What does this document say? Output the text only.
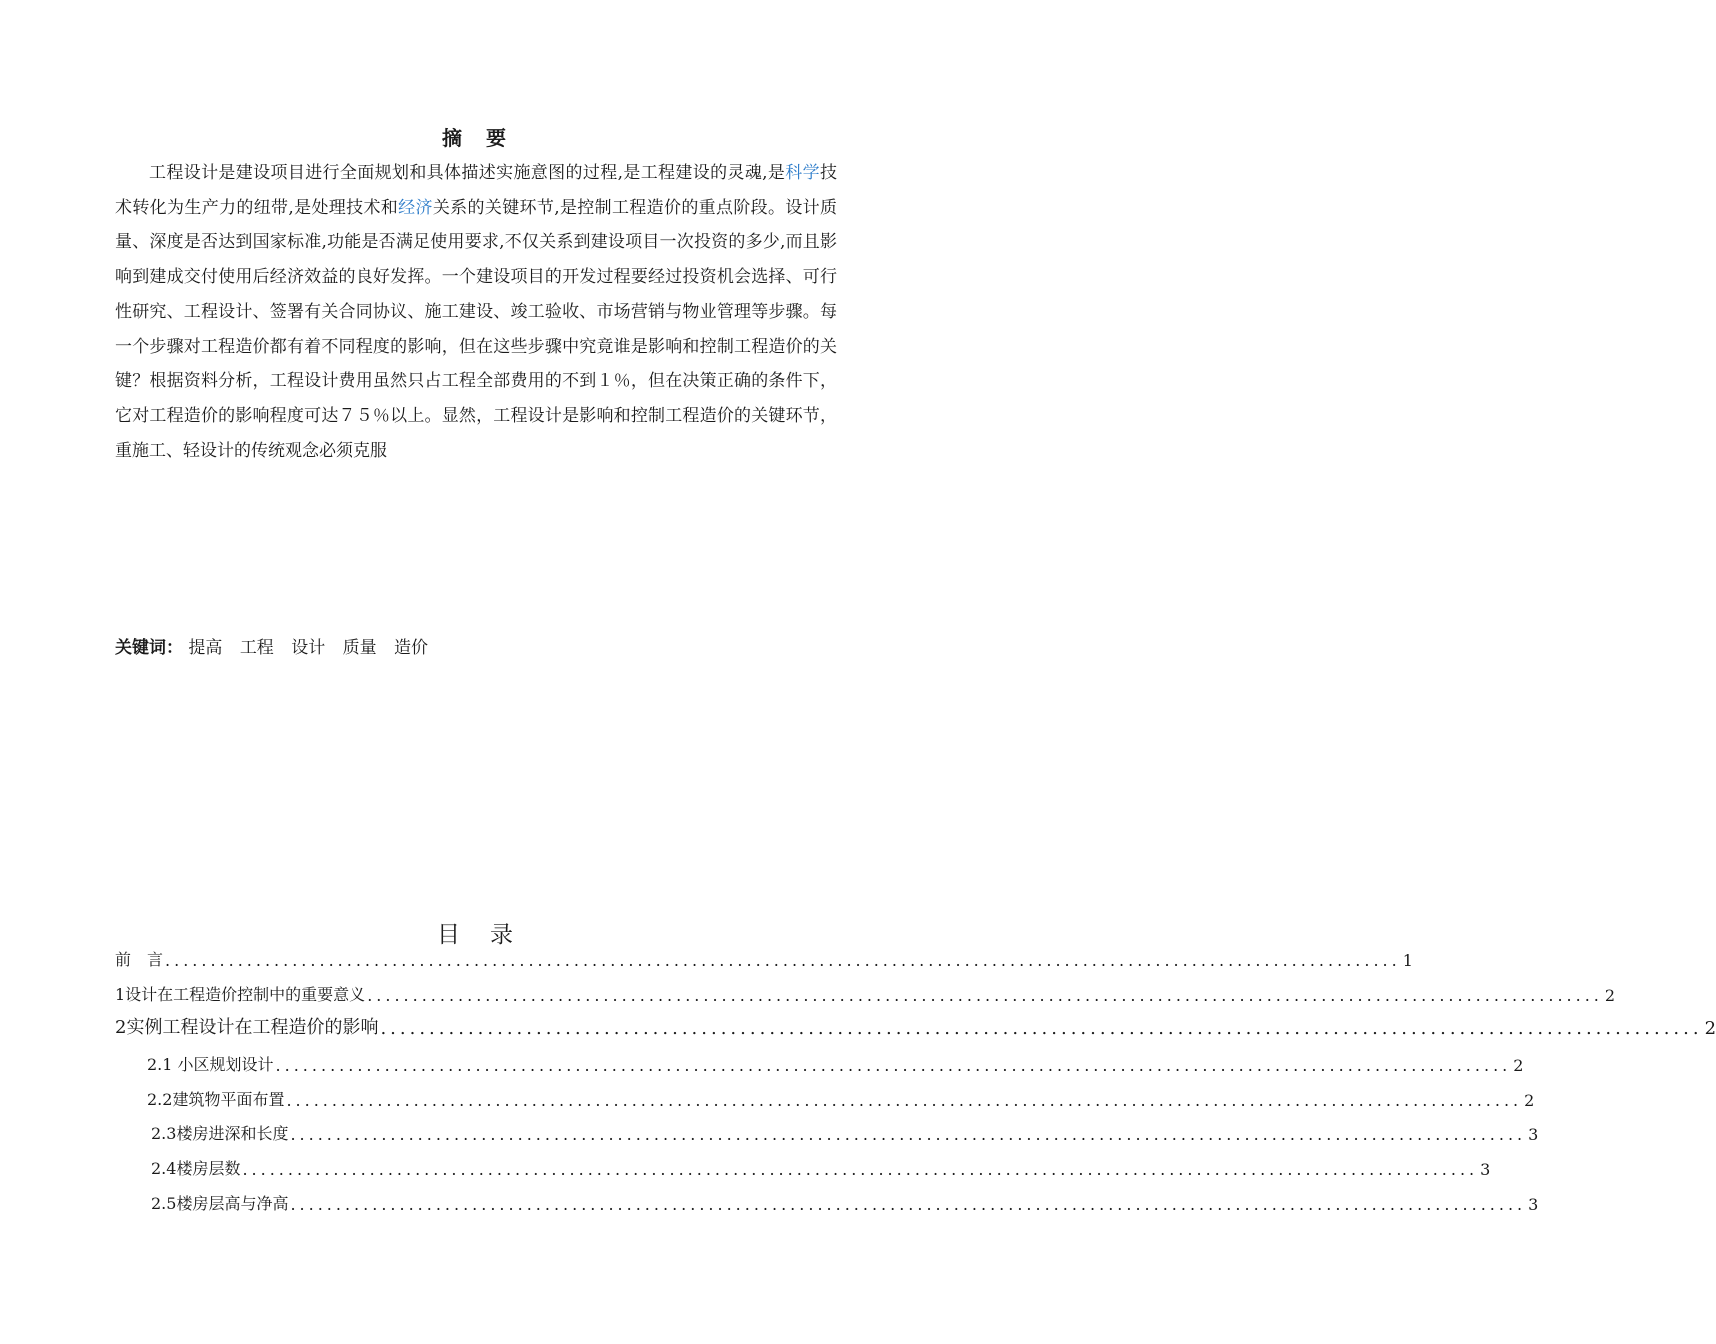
摘　要

工程设计是建设项目进行全面规划和具体描述实施意图的过程,是工程建设的灵魂,是科学技术转化为生产力的纽带,是处理技术和经济关系的关键环节,是控制工程造价的重点阶段。设计质量、深度是否达到国家标准,功能是否满足使用要求,不仅关系到建设项目一次投资的多少,而且影响到建成交付使用后经济效益的良好发挥。一个建设项目的开发过程要经过投资机会选择、可行性研究、工程设计、签署有关合同协议、施工建设、竣工验收、市场营销与物业管理等步骤。每一个步骤对工程造价都有着不同程度的影响，但在这些步骤中究竟谁是影响和控制工程造价的关键？根据资料分析，工程设计费用虽然只占工程全部费用的不到１％，但在决策正确的条件下，它对工程造价的影响程度可达７５％以上。显然，工程设计是影响和控制工程造价的关键环节，重施工、轻设计的传统观念必须克服

关键词： 提高 工程 设计 质量 造价
目录
前　言 ........................................................................................................................................ 1
1设计在工程造价控制中的重要意义 ........................................................................................................................................ 2
2实例工程设计在工程造价的影响 ........................................................................................................................................ 2
2.1 小区规划设计 ........................................................................................................................................ 2
2.2建筑物平面布置 ........................................................................................................................................ 2
2.3楼房进深和长度 ........................................................................................................................................ 3
2.4楼房层数 ........................................................................................................................................ 3
2.5楼房层高与净高 ........................................................................................................................................ 3
